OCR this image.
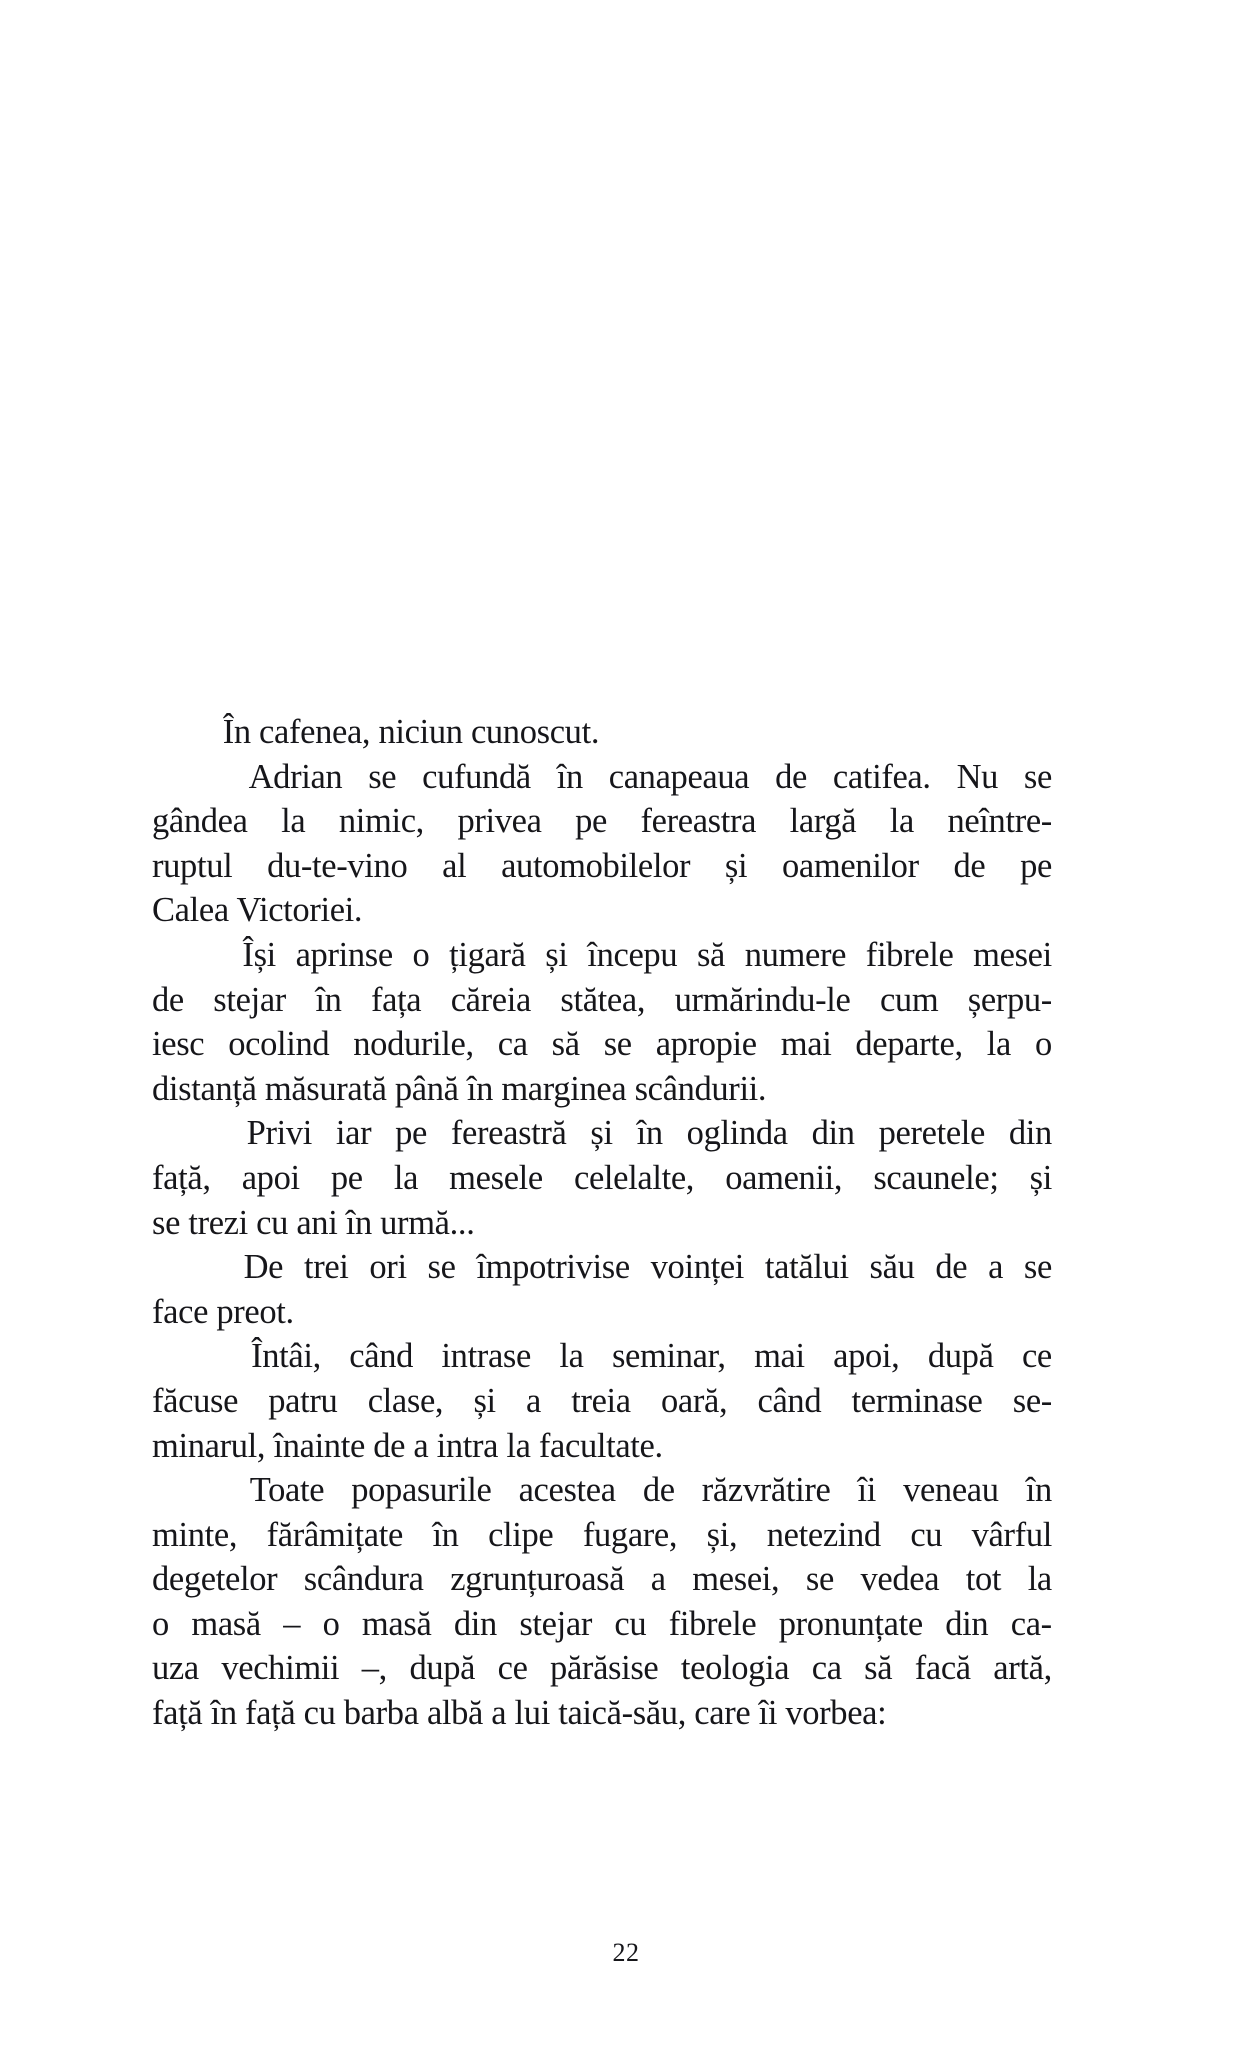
În cafenea, niciun cunoscut.
Adrian se cufundă în canapeaua de catifea. Nu se
gândea la nimic, privea pe fereastra largă la neîntre-
ruptul du-te-vino al automobilelor și oamenilor de pe
Calea Victoriei.
Își aprinse o țigară și începu să numere fibrele mesei
de stejar în fața căreia stătea, urmărindu-le cum șerpu-
iesc ocolind nodurile, ca să se apropie mai departe, la o
distanță măsurată până în marginea scândurii.
Privi iar pe fereastră și în oglinda din peretele din
față, apoi pe la mesele celelalte, oamenii, scaunele; și
se trezi cu ani în urmă...
De trei ori se împotrivise voinței tatălui său de a se
face preot.
Întâi, când intrase la seminar, mai apoi, după ce
făcuse patru clase, și a treia oară, când terminase se-
minarul, înainte de a intra la facultate.
Toate popasurile acestea de răzvrătire îi veneau în
minte, fărâmițate în clipe fugare, și, netezind cu vârful
degetelor scândura zgrunțuroasă a mesei, se vedea tot la
o masă – o masă din stejar cu fibrele pronunțate din ca-
uza vechimii –, după ce părăsise teologia ca să facă artă,
față în față cu barba albă a lui taică-său, care îi vorbea:
22
